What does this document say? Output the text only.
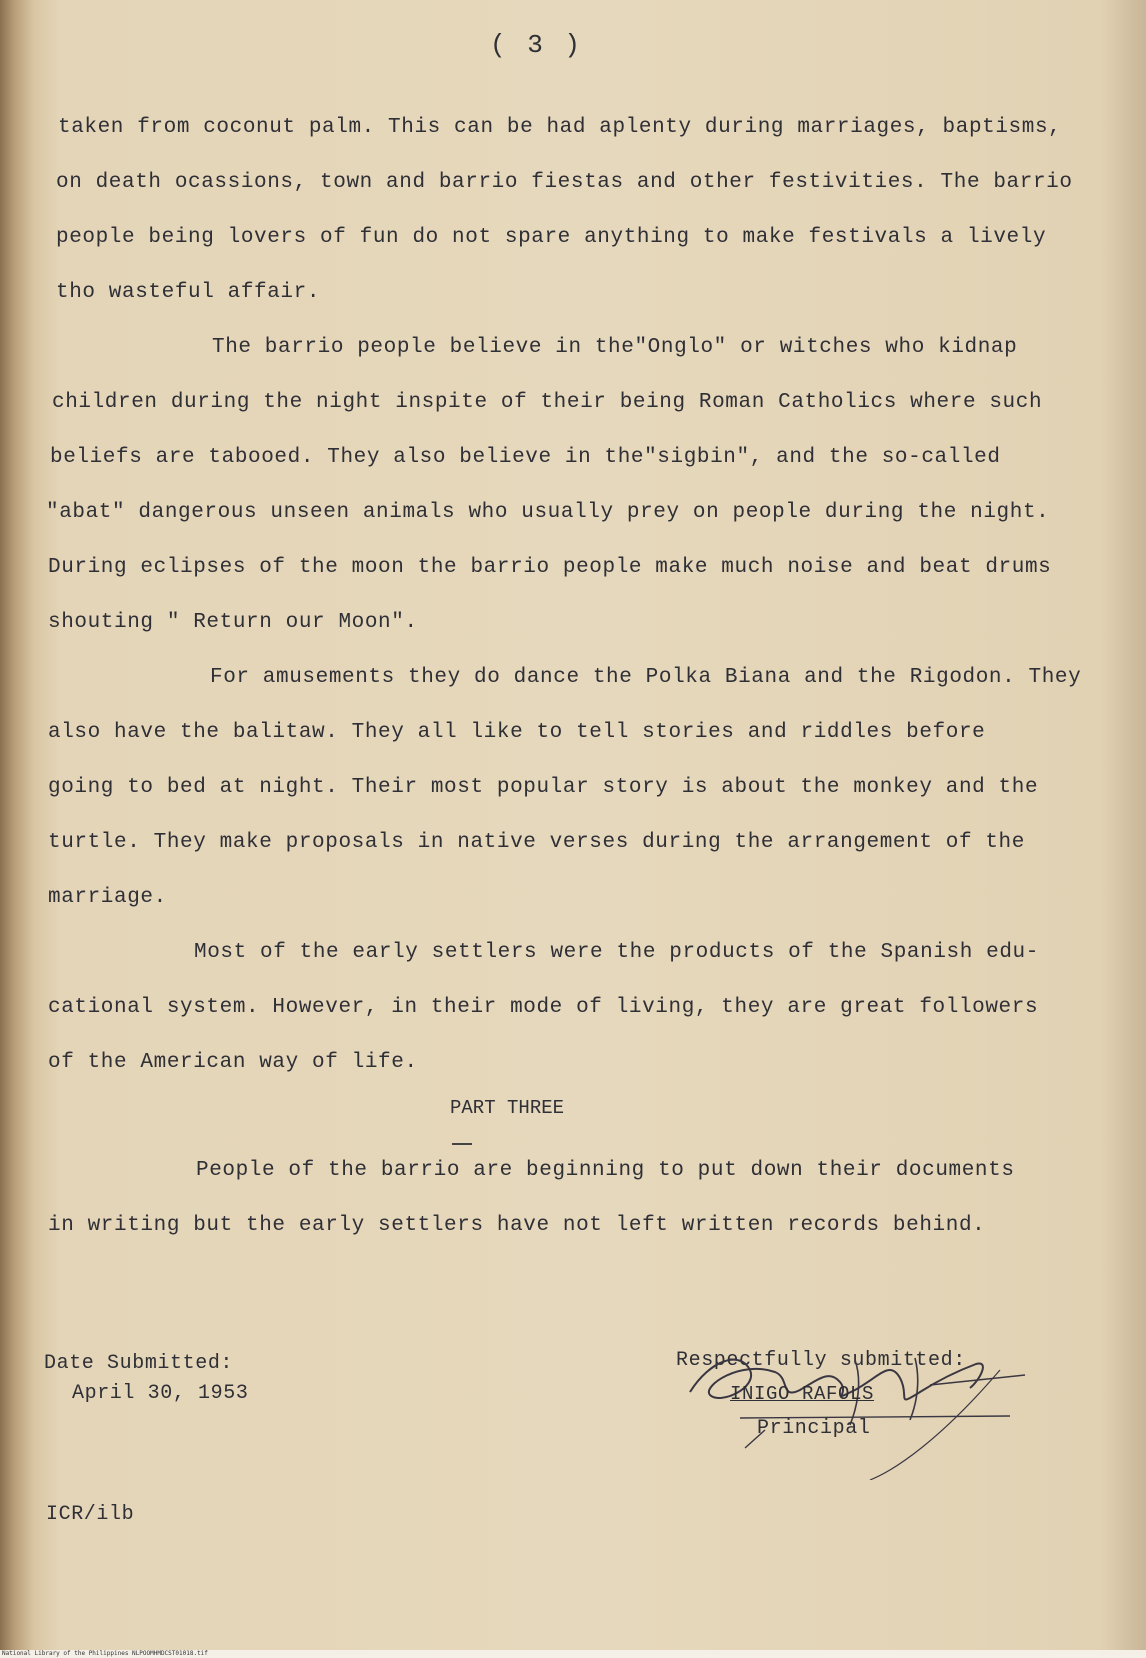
( 3 )
taken from coconut palm. This can be had aplenty during marriages, baptisms,
on death ocassions, town and barrio fiestas and other festivities. The barrio
people being lovers of fun do not spare anything to make festivals a lively
tho wasteful affair.
The barrio people believe in the"Onglo" or witches who kidnap
children during the night inspite of their being Roman Catholics where such
beliefs are tabooed. They also believe in the"sigbin", and the so-called
"abat" dangerous unseen animals who usually prey on people during the night.
During eclipses of the moon the barrio people make much noise and beat drums
shouting " Return our Moon".
For amusements they do dance the Polka Biana and the Rigodon. They
also have the balitaw. They all like to tell stories and riddles before
going to bed at night. Their most popular story is about the monkey and the
turtle. They make proposals in native verses during the arrangement of the
marriage.
Most of the early settlers were the products of the Spanish edu-
cational system. However, in their mode of living, they are great followers
of the American way of life.
PART THREE
People of the barrio are beginning to put down their documents
in writing but the early settlers have not left written records behind.
Date Submitted:
April 30, 1953
Respectfully submitted:
INIGO RAFOLS
Principal
ICR/ilb
National Library of the Philippines NLPOOMHMDCST01018.tif
